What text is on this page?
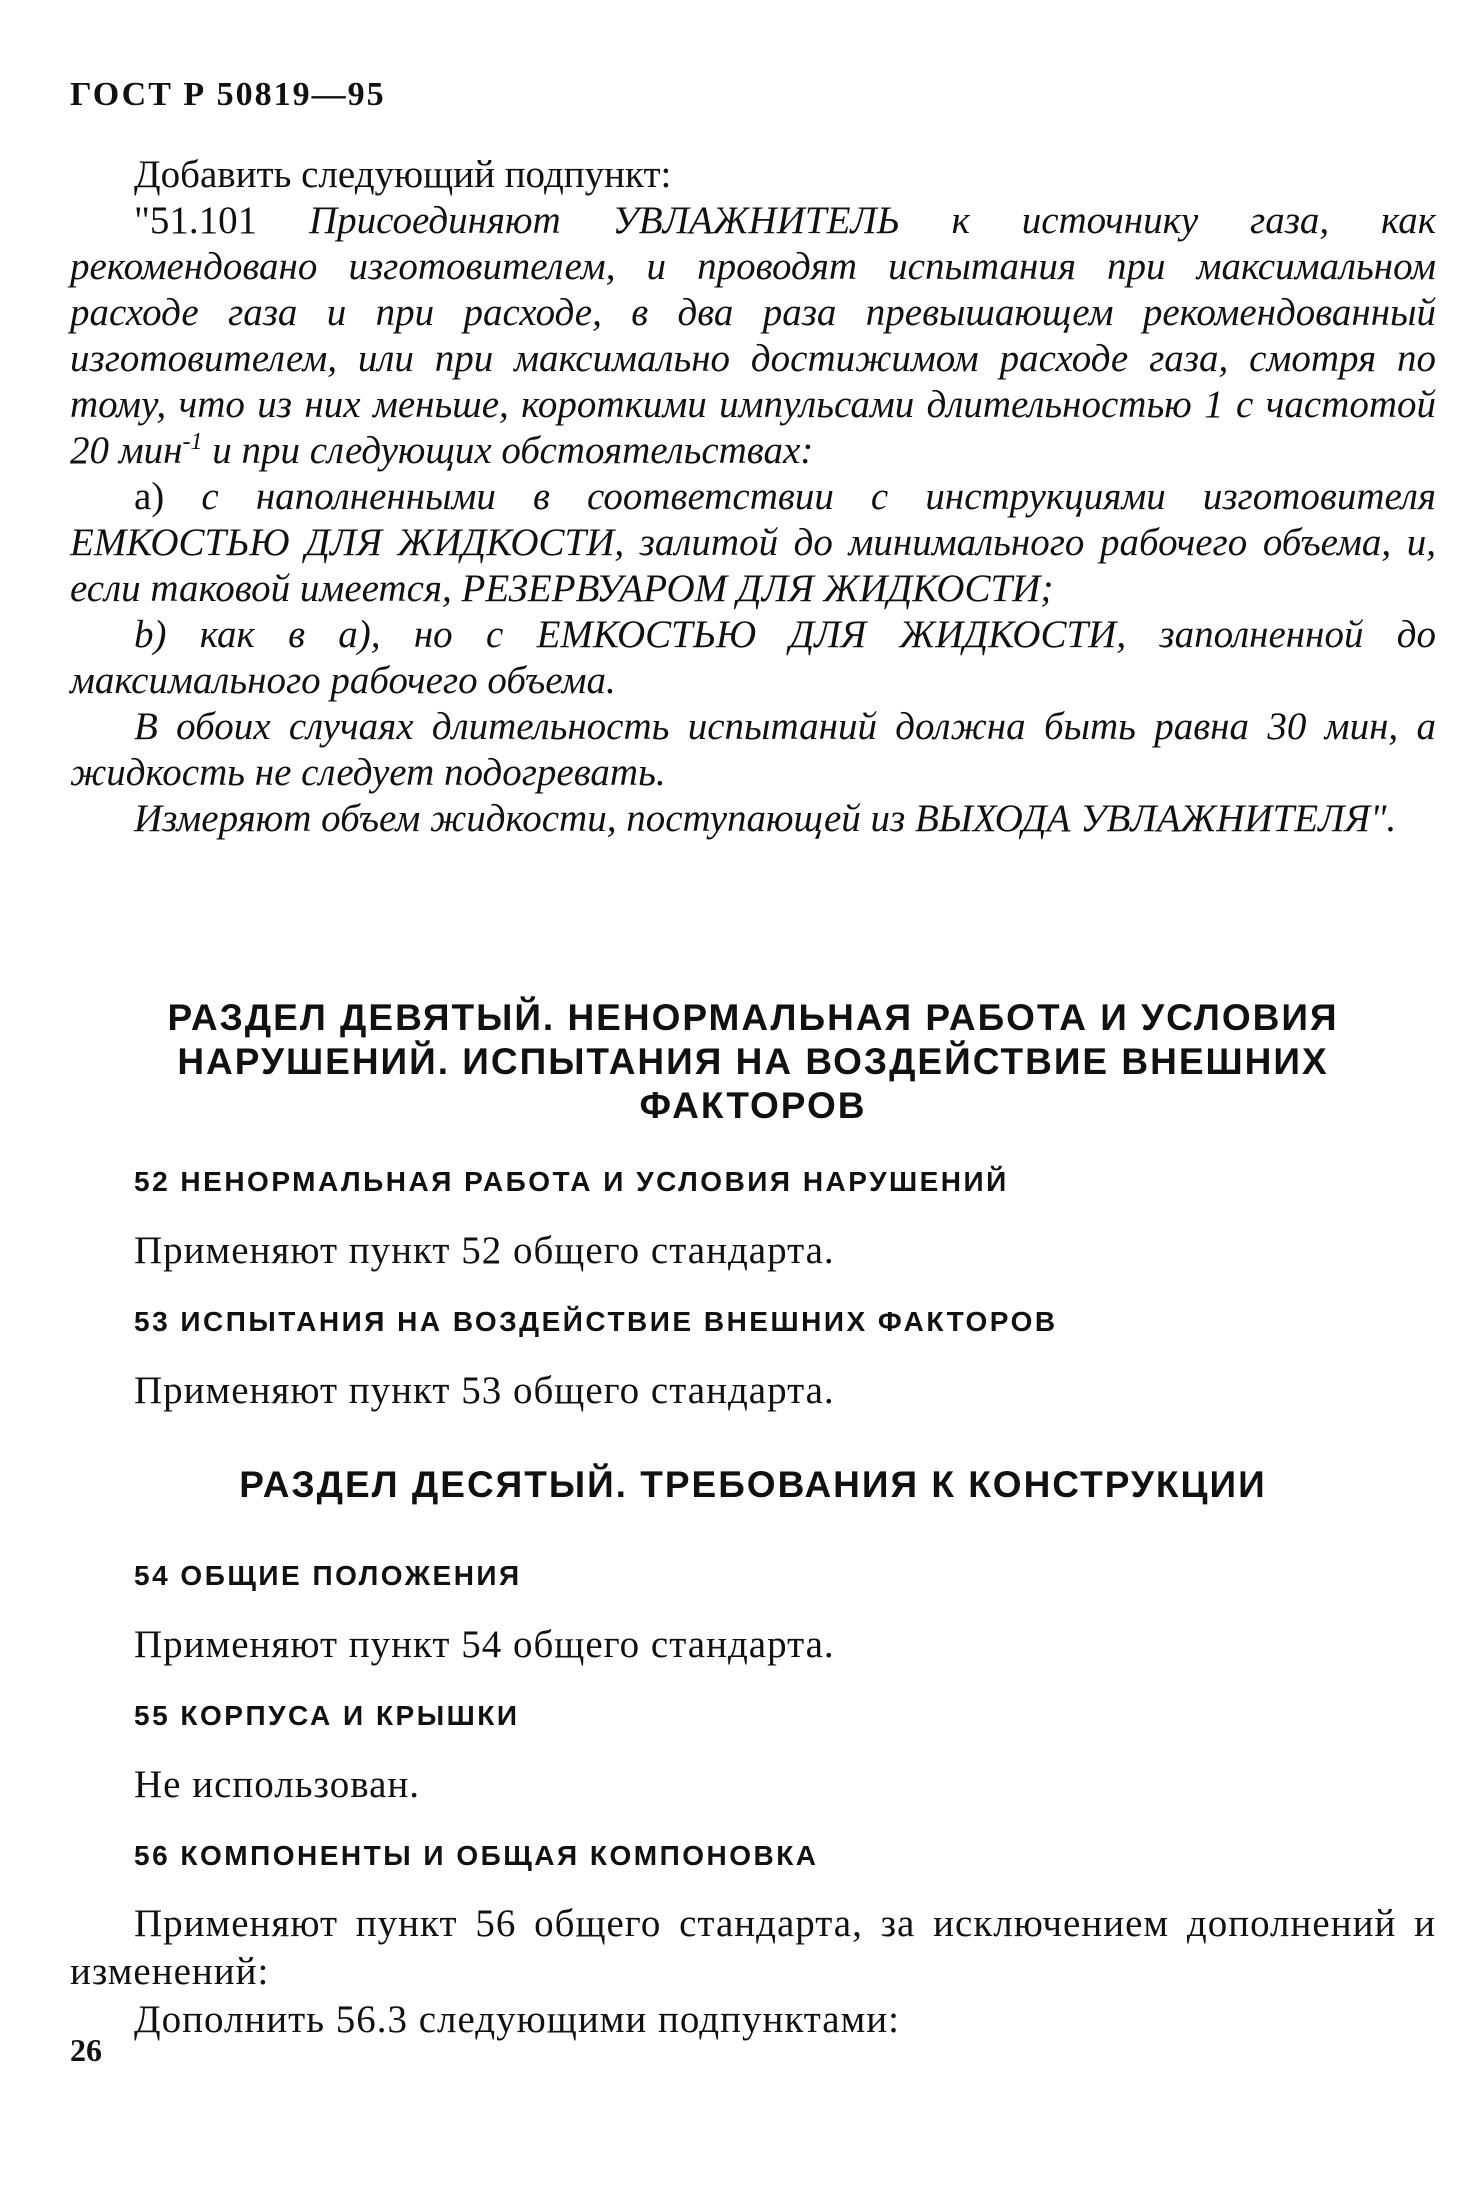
ГОСТ Р 50819—95

Добавить следующий подпункт:

"51.101 Присоединяют УВЛАЖНИТЕЛЬ к источнику газа, как рекомендовано изготовителем, и проводят испытания при максимальном расходе газа и при расходе, в два раза превышающем рекомендованный изготовителем, или при максимально достижимом расходе газа, смотря по тому, что из них меньше, короткими импульсами длительностью 1 с частотой 20 мин$^{-1}$ и при следующих обстоятельствах:

а) с наполненными в соответствии с инструкциями изготовителя ЕМКОСТЬЮ ДЛЯ ЖИДКОСТИ, залитой до минимального рабочего объема, и, если таковой имеется, РЕЗЕРВУАРОМ ДЛЯ ЖИДКОСТИ;

b) как в а), но с ЕМКОСТЬЮ ДЛЯ ЖИДКОСТИ, заполненной до максимального рабочего объема.

В обоих случаях длительность испытаний должна быть равна 30 мин, а жидкость не следует подогревать.

Измеряют объем жидкости, поступающей из ВЫХОДА УВЛАЖНИТЕЛЯ".

РАЗДЕЛ ДЕВЯТЫЙ. НЕНОРМАЛЬНАЯ РАБОТА И УСЛОВИЯ НАРУШЕНИЙ. ИСПЫТАНИЯ НА ВОЗДЕЙСТВИЕ ВНЕШНИХ ФАКТОРОВ
52 НЕНОРМАЛЬНАЯ РАБОТА И УСЛОВИЯ НАРУШЕНИЙ
Применяют пункт 52 общего стандарта.
53 ИСПЫТАНИЯ НА ВОЗДЕЙСТВИЕ ВНЕШНИХ ФАКТОРОВ
Применяют пункт 53 общего стандарта.
РАЗДЕЛ ДЕСЯТЫЙ. ТРЕБОВАНИЯ К КОНСТРУКЦИИ
54 ОБЩИЕ ПОЛОЖЕНИЯ
Применяют пункт 54 общего стандарта.
55 КОРПУСА И КРЫШКИ
Не использован.
56 КОМПОНЕНТЫ И ОБЩАЯ КОМПОНОВКА

Применяют пункт 56 общего стандарта, за исключением дополнений и изменений:

Дополнить 56.3 следующими подпунктами:

26
